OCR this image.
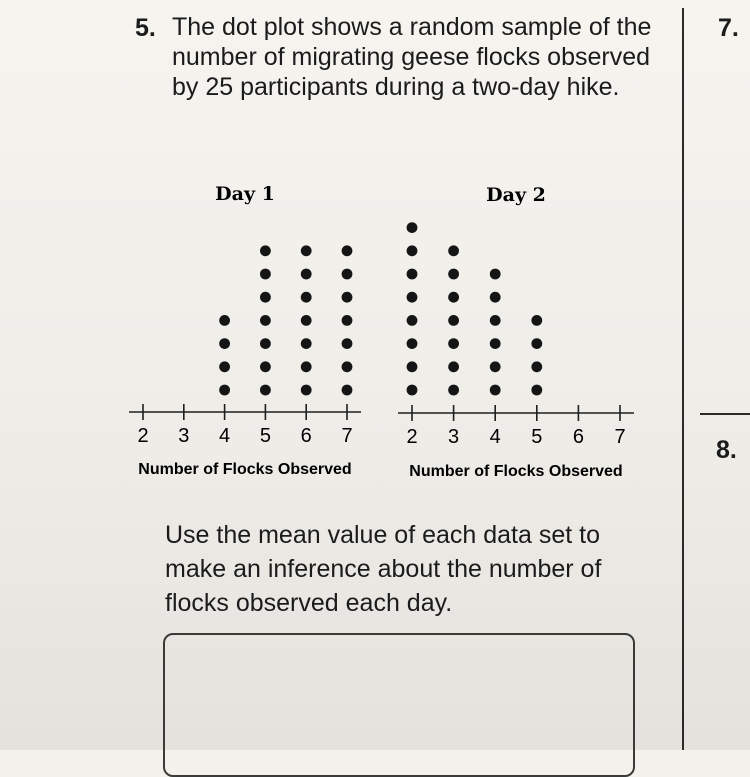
5. The dot plot shows a random sample of the number of migrating geese flocks observed by 25 participants during a two-day hike.
7.
8.
Day 1
2 3 4 5 6 7
Number of Flocks Observed
Day 2
2 3 4 5 6 7
Number of Flocks Observed
Use the mean value of each data set to make an inference about the number of flocks observed each day.
